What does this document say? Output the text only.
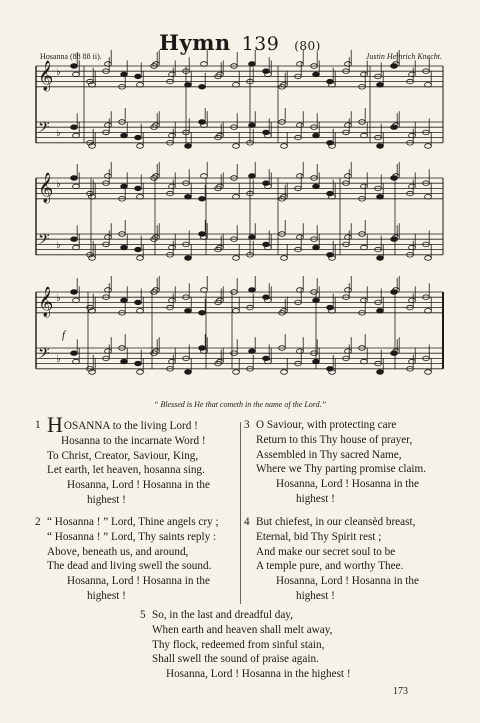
Hymn 139 (80)
Hosanna (88 88 ii).	Justin Heinrich Knecht.
𝄞 ♭
𝄢 ♭
𝄞 ♭
𝄢 ♭
𝄞 ♭
𝄢 ♭
f
“ Blessed is He that cometh in the name of the Lord.”
1 HOSANNA to the living Lord !
Hosanna to the incarnate Word !
To Christ, Creator, Saviour, King,
Let earth, let heaven, hosanna sing.
Hosanna, Lord ! Hosanna in the
highest !
3 O Saviour, with protecting care
Return to this Thy house of prayer,
Assembled in Thy sacred Name,
Where we Thy parting promise claim.
Hosanna, Lord ! Hosanna in the
highest !
2 “ Hosanna ! ” Lord, Thine angels cry ;
“ Hosanna ! ” Lord, Thy saints reply :
Above, beneath us, and around,
The dead and living swell the sound.
Hosanna, Lord ! Hosanna in the
highest !
4 But chiefest, in our cleansèd breast,
Eternal, bid Thy Spirit rest ;
And make our secret soul to be
A temple pure, and worthy Thee.
Hosanna, Lord ! Hosanna in the
highest !
5 So, in the last and dreadful day,
When earth and heaven shall melt away,
Thy flock, redeemed from sinful stain,
Shall swell the sound of praise again.
Hosanna, Lord ! Hosanna in the highest !
173
